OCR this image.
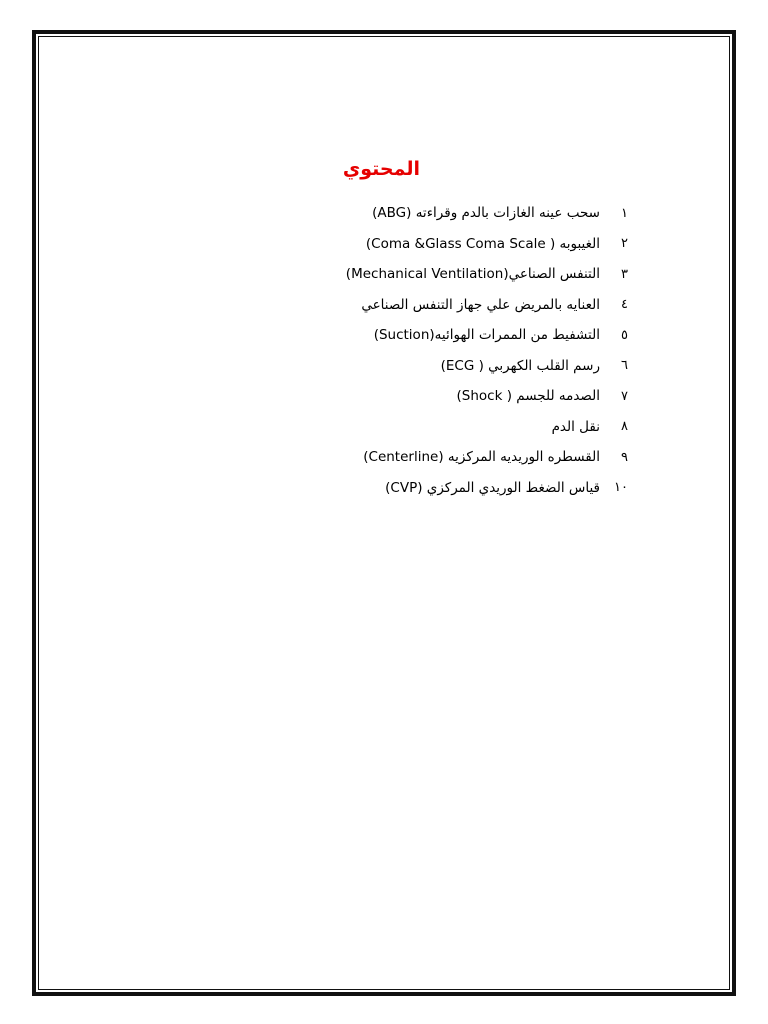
المحتوي
١
سحب عينه الغازات بالدم وقراءته (ABG)
٢
الغيبوبه ( Coma &Glass Coma Scale)
٣
التنفس الصناعي(Mechanical Ventilation)
٤
العنايه بالمريض علي جهاز التنفس الصناعي
٥
التشفيط من الممرات الهوائيه(Suction)
٦
رسم القلب الكهربي ( ECG)
٧
الصدمه للجسم ( Shock)
٨
نقل الدم
٩
القسطره الوريديه المركزيه (Centerline)
١٠
قياس الضغط الوريدي المركزي (CVP)
